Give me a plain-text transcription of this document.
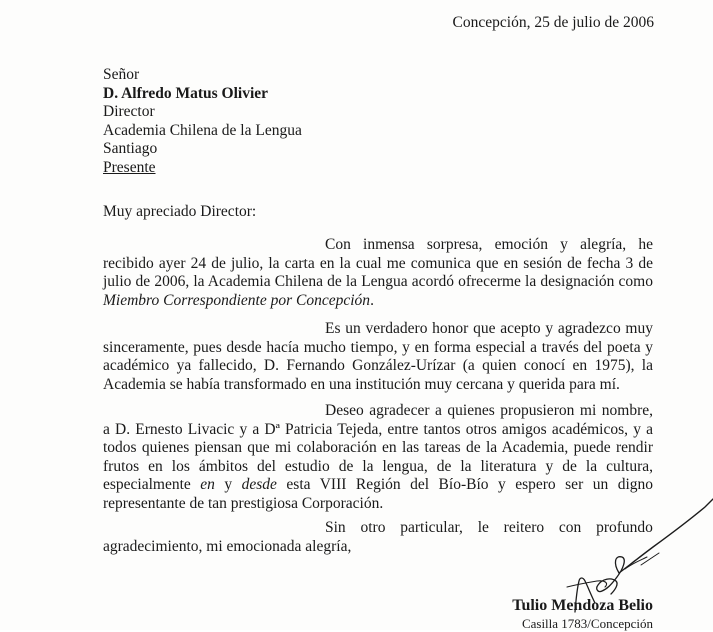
Concepción, 25 de julio de 2006
Señor
D. Alfredo Matus Olivier
Director
Academia Chilena de la Lengua
Santiago
Presente
Muy apreciado Director:
Con inmensa sorpresa, emoción y alegría, he recibido ayer 24 de julio, la carta en la cual me comunica que en sesión de fecha 3 de julio de 2006, la Academia Chilena de la Lengua acordó ofrecerme la designación como Miembro Correspondiente por Concepción.
Es un verdadero honor que acepto y agradezco muy sinceramente, pues desde hacía mucho tiempo, y en forma especial a través del poeta y académico ya fallecido, D. Fernando González-Urízar (a quien conocí en 1975), la Academia se había transformado en una institución muy cercana y querida para mí.
Deseo agradecer a quienes propusieron mi nombre, a D. Ernesto Livacic y a Dª Patricia Tejeda, entre tantos otros amigos académicos, y a todos quienes piensan que mi colaboración en las tareas de la Academia, puede rendir frutos en los ámbitos del estudio de la lengua, de la literatura y de la cultura, especialmente en y desde esta VIII Región del Bío-Bío y espero ser un digno representante de tan prestigiosa Corporación.
Sin otro particular, le reitero con profundo
agradecimiento, mi emocionada alegría,
Tulio Mendoza Belio
Casilla 1783/Concepción
